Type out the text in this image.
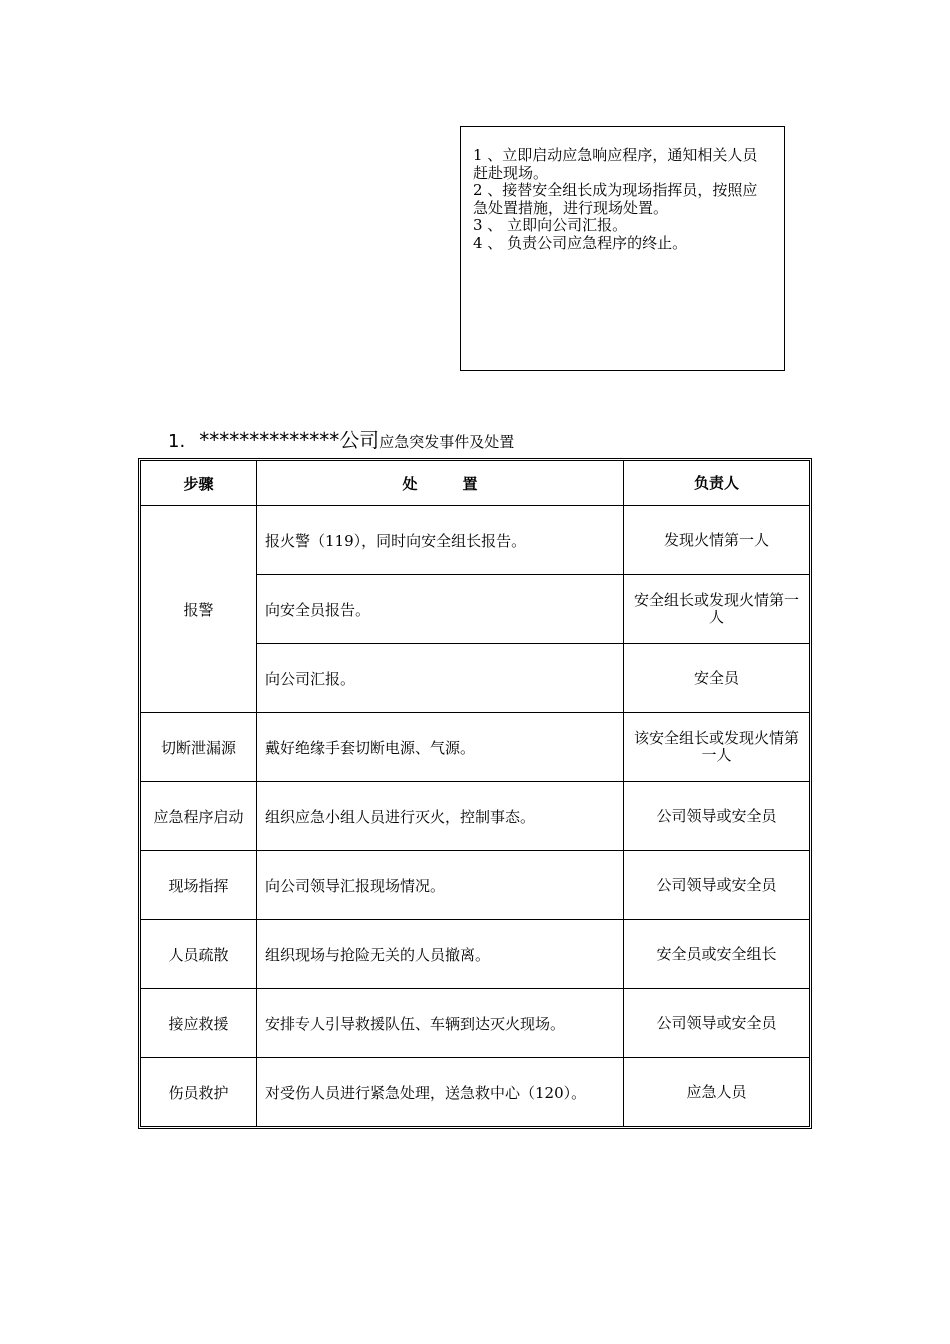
1 、立即启动应急响应程序，通知相关人员
赶赴现场。
2 、接替安全组长成为现场指挥员，按照应
急处置措施，进行现场处置。
3 、 立即向公司汇报。
4 、 负责公司应急程序的终止。
1. **************公司 应急突发事件及处置
步骤	处　　　置	负责人
报警	报火警（119），同时向安全组长报告。	发现火情第一人
	向安全员报告。	安全组长或发现火情第一人
	向公司汇报。	安全员
切断泄漏源	戴好绝缘手套切断电源、气源。	该安全组长或发现火情第一人
应急程序启动	组织应急小组人员进行灭火，控制事态。	公司领导或安全员
现场指挥	向公司领导汇报现场情况。	公司领导或安全员
人员疏散	组织现场与抢险无关的人员撤离。	安全员或安全组长
接应救援	安排专人引导救援队伍、车辆到达灭火现场。	公司领导或安全员
伤员救护	对受伤人员进行紧急处理，送急救中心（120）。	应急人员
